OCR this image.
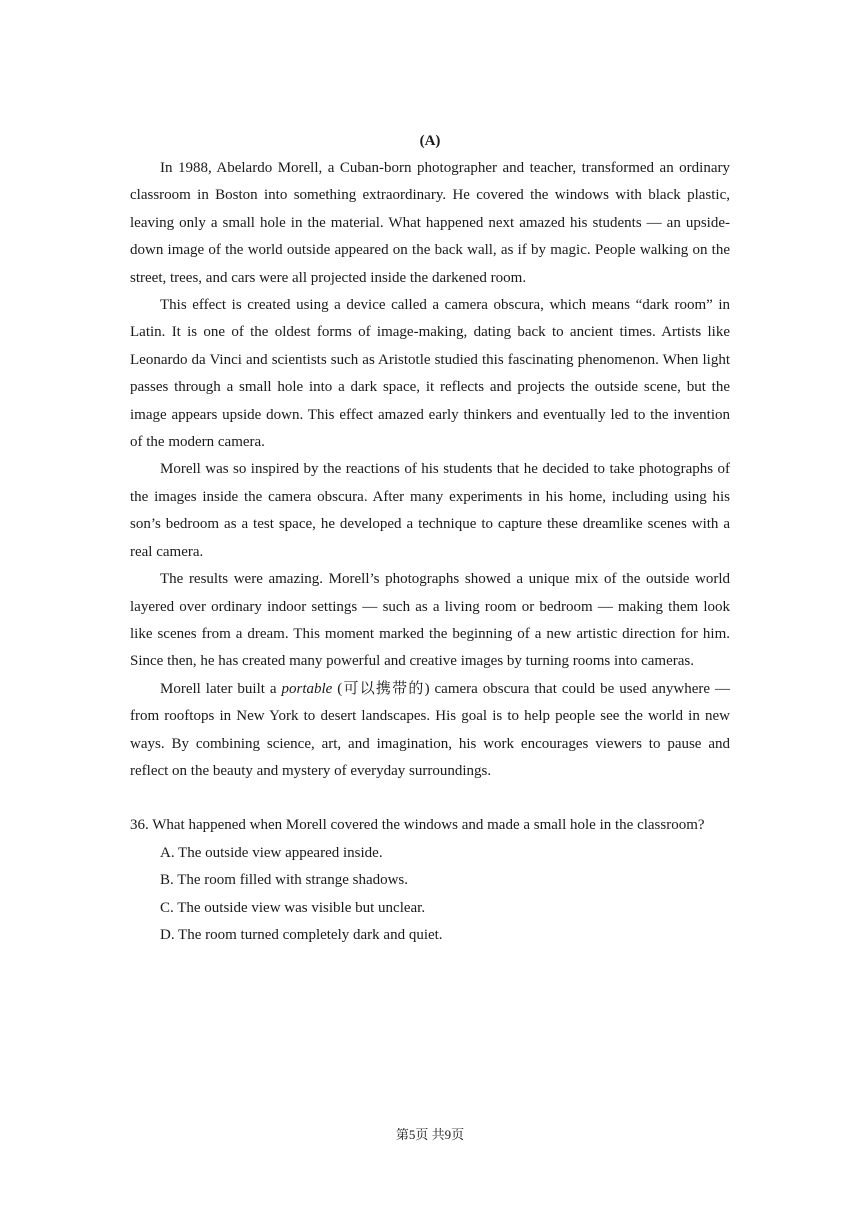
(A)

In 1988, Abelardo Morell, a Cuban-born photographer and teacher, transformed an ordinary classroom in Boston into something extraordinary. He covered the windows with black plastic, leaving only a small hole in the material. What happened next amazed his students — an upside-down image of the world outside appeared on the back wall, as if by magic. People walking on the street, trees, and cars were all projected inside the darkened room.

This effect is created using a device called a camera obscura, which means “dark room” in Latin. It is one of the oldest forms of image-making, dating back to ancient times. Artists like Leonardo da Vinci and scientists such as Aristotle studied this fascinating phenomenon. When light passes through a small hole into a dark space, it reflects and projects the outside scene, but the image appears upside down. This effect amazed early thinkers and eventually led to the invention of the modern camera.

Morell was so inspired by the reactions of his students that he decided to take photographs of the images inside the camera obscura. After many experiments in his home, including using his son’s bedroom as a test space, he developed a technique to capture these dreamlike scenes with a real camera.

The results were amazing. Morell’s photographs showed a unique mix of the outside world layered over ordinary indoor settings — such as a living room or bedroom — making them look like scenes from a dream. This moment marked the beginning of a new artistic direction for him. Since then, he has created many powerful and creative images by turning rooms into cameras.

Morell later built a portable (可以携带的) camera obscura that could be used anywhere — from rooftops in New York to desert landscapes. His goal is to help people see the world in new ways. By combining science, art, and imagination, his work encourages viewers to pause and reflect on the beauty and mystery of everyday surroundings.

36. What happened when Morell covered the windows and made a small hole in the classroom?

A. The outside view appeared inside.
B. The room filled with strange shadows.
C. The outside view was visible but unclear.
D. The room turned completely dark and quiet.
第5页 共9页
